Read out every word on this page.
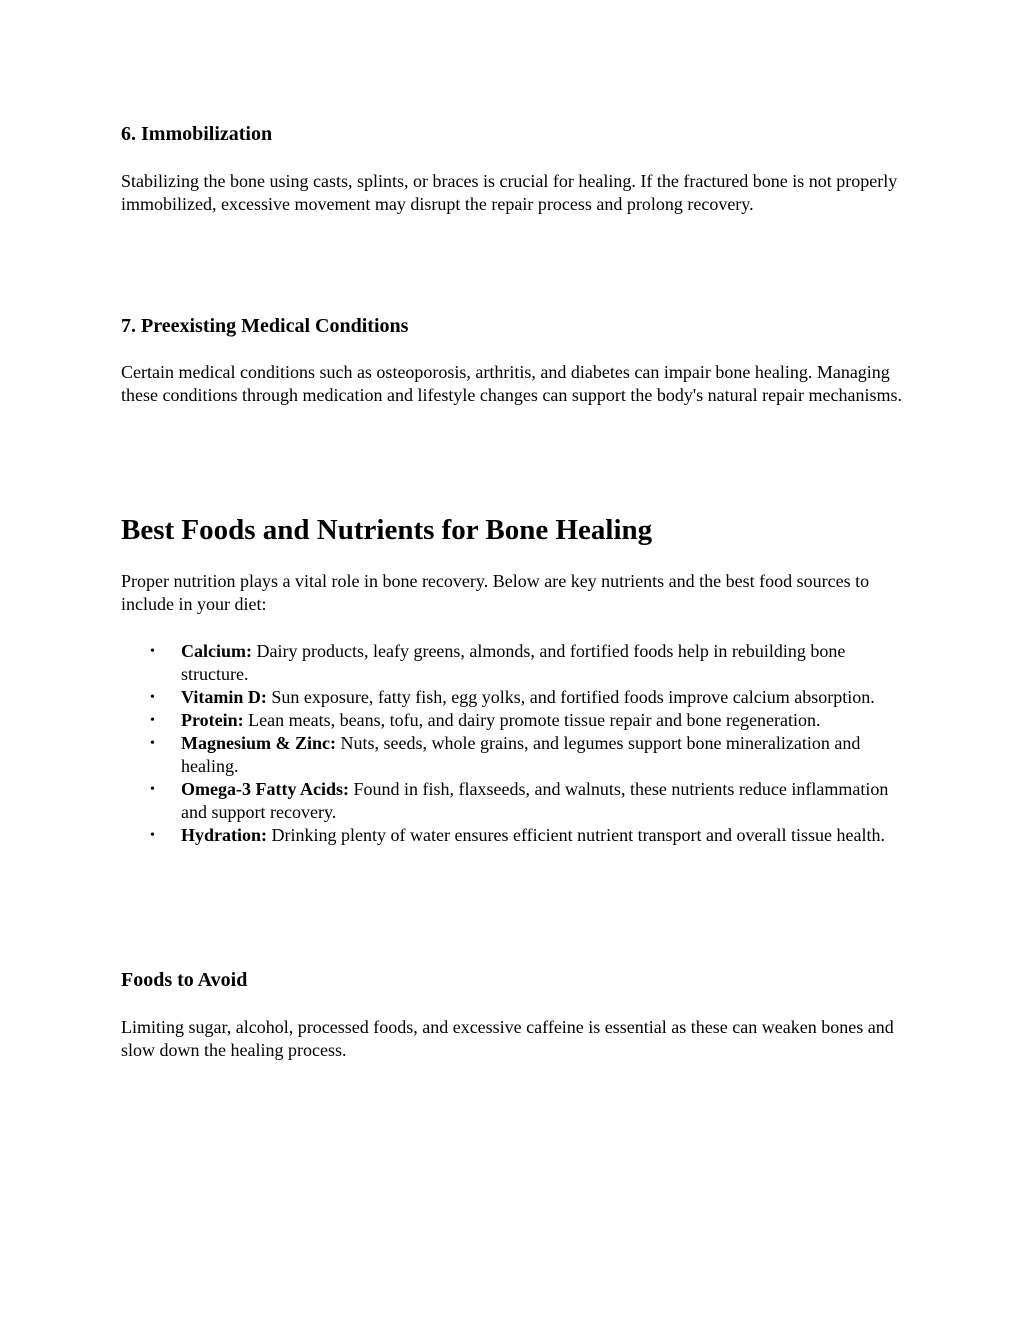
6. Immobilization

Stabilizing the bone using casts, splints, or braces is crucial for healing. If the fractured bone is not properly immobilized, excessive movement may disrupt the repair process and prolong recovery.

7. Preexisting Medical Conditions

Certain medical conditions such as osteoporosis, arthritis, and diabetes can impair bone healing. Managing these conditions through medication and lifestyle changes can support the body's natural repair mechanisms.

Best Foods and Nutrients for Bone Healing

Proper nutrition plays a vital role in bone recovery. Below are key nutrients and the best food sources to include in your diet:

• Calcium: Dairy products, leafy greens, almonds, and fortified foods help in rebuilding bone structure.
• Vitamin D: Sun exposure, fatty fish, egg yolks, and fortified foods improve calcium absorption.
• Protein: Lean meats, beans, tofu, and dairy promote tissue repair and bone regeneration.
• Magnesium & Zinc: Nuts, seeds, whole grains, and legumes support bone mineralization and healing.
• Omega-3 Fatty Acids: Found in fish, flaxseeds, and walnuts, these nutrients reduce inflammation and support recovery.
• Hydration: Drinking plenty of water ensures efficient nutrient transport and overall tissue health.
Foods to Avoid

Limiting sugar, alcohol, processed foods, and excessive caffeine is essential as these can weaken bones and slow down the healing process.
